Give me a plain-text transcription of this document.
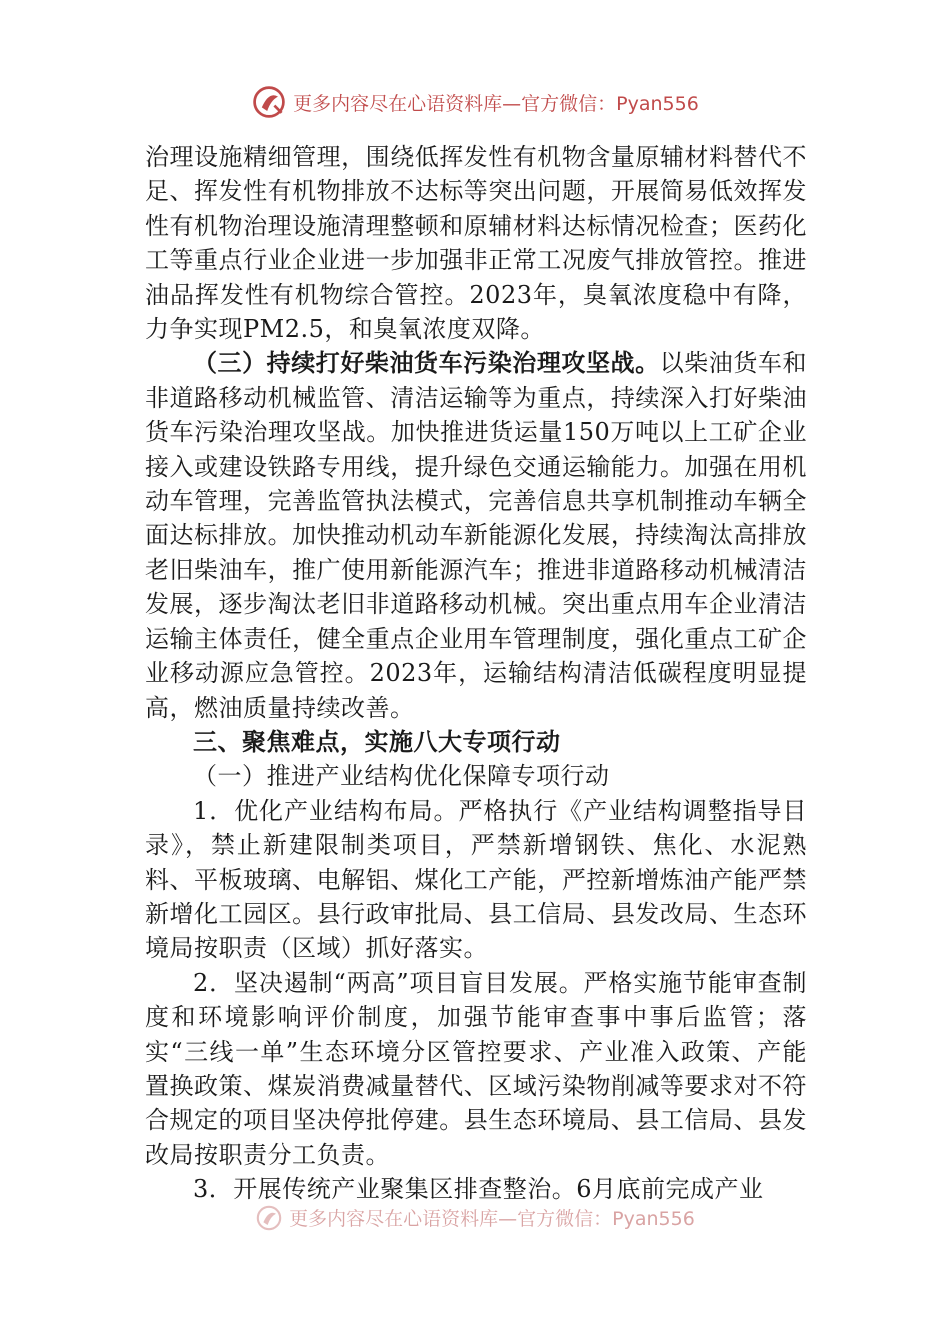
更多内容尽在心语资料库—官方微信：Pyan556

治理设施精细管理，围绕低挥发性有机物含量原辅材料替代不足、挥发性有机物排放不达标等突出问题，开展简易低效挥发性有机物治理设施清理整顿和原辅材料达标情况检查；医药化工等重点行业企业进一步加强非正常工况废气排放管控。推进油品挥发性有机物综合管控。2023年，臭氧浓度稳中有降，力争实现PM2.5，和臭氧浓度双降。

（三）持续打好柴油货车污染治理攻坚战。以柴油货车和非道路移动机械监管、清洁运输等为重点，持续深入打好柴油货车污染治理攻坚战。加快推进货运量150万吨以上工矿企业接入或建设铁路专用线，提升绿色交通运输能力。加强在用机动车管理，完善监管执法模式，完善信息共享机制推动车辆全面达标排放。加快推动机动车新能源化发展，持续淘汰高排放老旧柴油车，推广使用新能源汽车；推进非道路移动机械清洁发展，逐步淘汰老旧非道路移动机械。突出重点用车企业清洁运输主体责任，健全重点企业用车管理制度，强化重点工矿企业移动源应急管控。2023年，运输结构清洁低碳程度明显提高，燃油质量持续改善。

三、聚焦难点，实施八大专项行动

（一）推进产业结构优化保障专项行动

1．优化产业结构布局。严格执行《产业结构调整指导目录》，禁止新建限制类项目，严禁新增钢铁、焦化、水泥熟料、平板玻璃、电解铝、煤化工产能，严控新增炼油产能严禁新增化工园区。县行政审批局、县工信局、县发改局、生态环境局按职责（区域）抓好落实。

2．坚决遏制“两高”项目盲目发展。严格实施节能审查制度和环境影响评价制度，加强节能审查事中事后监管；落实“三线一单”生态环境分区管控要求、产业准入政策、产能置换政策、煤炭消费减量替代、区域污染物削减等要求对不符合规定的项目坚决停批停建。县生态环境局、县工信局、县发改局按职责分工负责。

3．开展传统产业聚集区排查整治。6月底前完成产业

更多内容尽在心语资料库—官方微信：Pyan556
